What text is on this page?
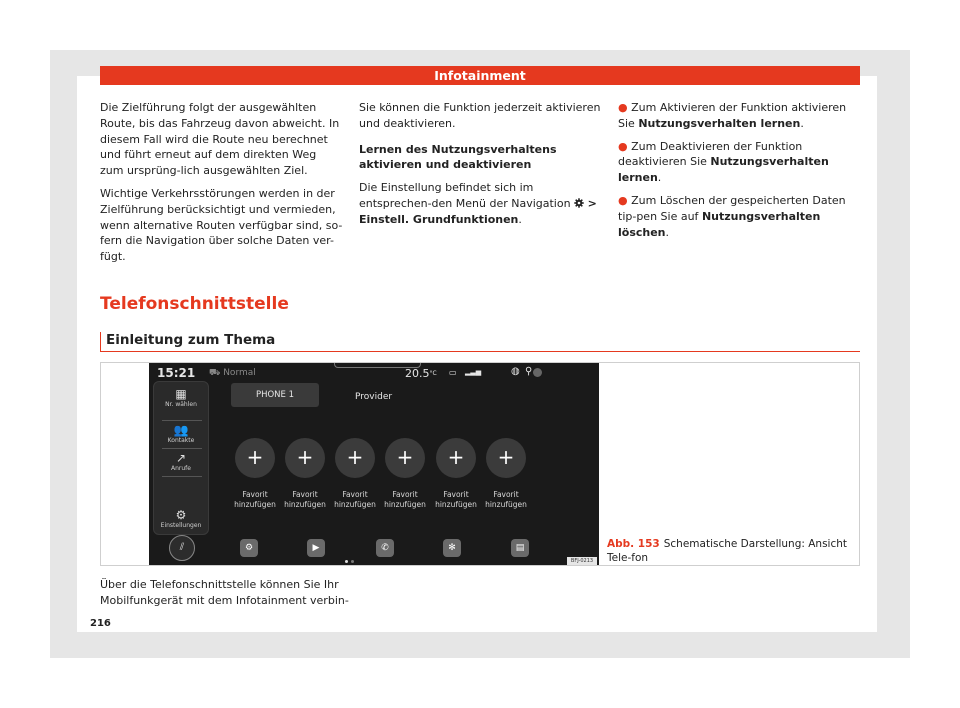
Infotainment

Die Zielführung folgt der ausgewählten Route, bis das Fahrzeug davon abweicht. In diesem Fall wird die Route neu berechnet und führt erneut auf dem direkten Weg zum ursprüng-lich ausgewählten Ziel.

Wichtige Verkehrsstörungen werden in der Zielführung berücksichtigt und vermieden, wenn alternative Routen verfügbar sind, so-fern die Navigation über solche Daten ver-fügt.

Sie können die Funktion jederzeit aktivieren und deaktivieren.

Lernen des Nutzungsverhaltens aktivieren und deaktivieren

Die Einstellung befindet sich im entsprechen-den Menü der Navigation > Einstell. Grundfunktionen.

● Zum Aktivieren der Funktion aktivieren Sie Nutzungsverhalten lernen.

● Zum Deaktivieren der Funktion deaktivieren Sie Nutzungsverhalten lernen.

● Zum Löschen der gespeicherten Daten tip-pen Sie auf Nutzungsverhalten löschen.

Telefonschnittstelle
Einleitung zum Thema
15:21 ⛟ Normal	20.5°C ▭ ▂▃▅	◍ ⚲
▦
Nr. wählen
👥
Kontakte
↗
Anrufe
⚙
Einstellungen
PHONE 1	Provider
+	+	+	+	+	+
Favorit hinzufügen
Favorit hinzufügen
Favorit hinzufügen
Favorit hinzufügen
Favorit hinzufügen
Favorit hinzufügen
⫽	⚙	▶	✆	✻	▤
BFJ-0213
Abb. 153 Schematische Darstellung: Ansicht Tele-fon
Über die Telefonschnittstelle können Sie Ihr Mobilfunkgerät mit dem Infotainment verbin-
216
